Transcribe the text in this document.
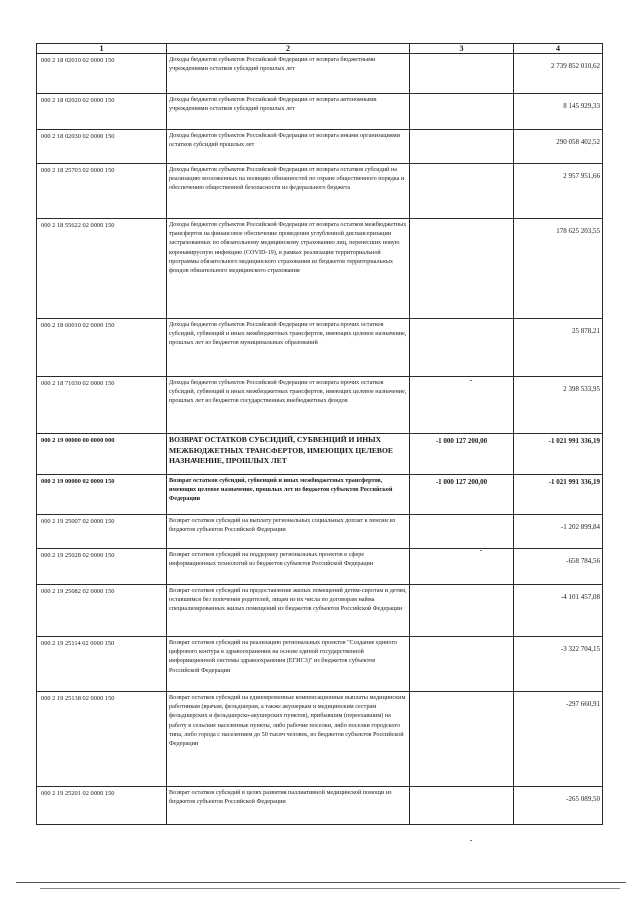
1	2	3	4
000 2 18 02010 02 0000 150	Доходы бюджетов субъектов Российской Федерации от возврата бюджетными учреждениями остатков субсидий прошлых лет		2 739 852 010,62
000 2 18 02020 02 0000 150	Доходы бюджетов субъектов Российской Федерации от возврата автономными учреждениями остатков субсидий прошлых лет		8 145 929,33
000 2 18 02030 02 0000 150	Доходы бюджетов субъектов Российской Федерации от возврата иными организациями остатков субсидий прошлых лет		290 058 402,52
000 2 18 25703 02 0000 150	Доходы бюджетов субъектов Российской Федерации от возврата остатков субсидий на реализацию возложенных на полицию обязанностей по охране общественного порядка и обеспечению общественной безопасности из федерального бюджета		2 957 951,66
000 2 18 55622 02 0000 150	Доходы бюджетов субъектов Российской Федерации от возврата остатков межбюджетных трансфертов на финансовое обеспечение проведения углубленной диспансеризации застрахованных по обязательному медицинскому страхованию лиц, перенесших новую коронавирусную инфекцию (COVID-19), в рамках реализации территориальной программы обязательного медицинского страхования из бюджетов территориальных фондов обязательного медицинского страхования		178 625 203,55
000 2 18 60010 02 0000 150	Доходы бюджетов субъектов Российской Федерации от возврата прочих остатков субсидий, субвенций и иных межбюджетных трансфертов, имеющих целевое назначение, прошлых лет из бюджетов муниципальных образований		25 878,21
000 2 18 71030 02 0000 150	Доходы бюджетов субъектов Российской Федерации от возврата прочих остатков субсидий, субвенций и иных межбюджетных трансфертов, имеющих целевое назначение, прошлых лет из бюджетов государственных внебюджетных фондов		2 398 533,95
000 2 19 00000 00 0000 000	ВОЗВРАТ ОСТАТКОВ СУБСИДИЙ, СУБВЕНЦИЙ И ИНЫХ МЕЖБЮДЖЕТНЫХ ТРАНСФЕРТОВ, ИМЕЮЩИХ ЦЕЛЕВОЕ НАЗНАЧЕНИЕ, ПРОШЛЫХ ЛЕТ	-1 000 127 200,00	-1 021 991 336,19
000 2 19 00000 02 0000 150	Возврат остатков субсидий, субвенций и иных межбюджетных трансфертов, имеющих целевое назначение, прошлых лет из бюджетов субъектов Российской Федерации	-1 000 127 200,00	-1 021 991 336,19
000 2 19 25007 02 0000 150	Возврат остатков субсидий на выплату региональных социальных доплат к пенсии из бюджетов субъектов Российской Федерации		-1 202 899,84
000 2 19 25028 02 0000 150	Возврат остатков субсидий на поддержку региональных проектов в сфере информационных технологий из бюджетов субъектов Российской Федерации		-658 784,56
000 2 19 25082 02 0000 150	Возврат остатков субсидий на предоставление жилых помещений детям-сиротам и детям, оставшимся без попечения родителей, лицам из их числа по договорам найма специализированных жилых помещений из бюджетов субъектов Российской Федерации		-4 101 457,08
000 2 19 25114 02 0000 150	Возврат остатков субсидий на реализацию региональных проектов "Создание единого цифрового контура в здравоохранении на основе единой государственной информационной системы здравоохранения (ЕГИСЗ)" из бюджетов субъектов Российской Федерации		-3 322 704,15
000 2 19 25138 02 0000 150	Возврат остатков субсидий на единовременные компенсационные выплаты медицинским работникам (врачам, фельдшерам, а также акушеркам и медицинским сестрам фельдшерских и фельдшерско-акушерских пунктов), прибывшим (переехавшим) на работу в сельские населенные пункты, либо рабочие поселки, либо поселки городского типа, либо города с населением до 50 тысяч человек, из бюджетов субъектов Российской Федерации		-297 660,91
000 2 19 25201 02 0000 150	Возврат остатков субсидий в целях развития паллиативной медицинской помощи из бюджетов субъектов Российской Федерации		-265 089,50
